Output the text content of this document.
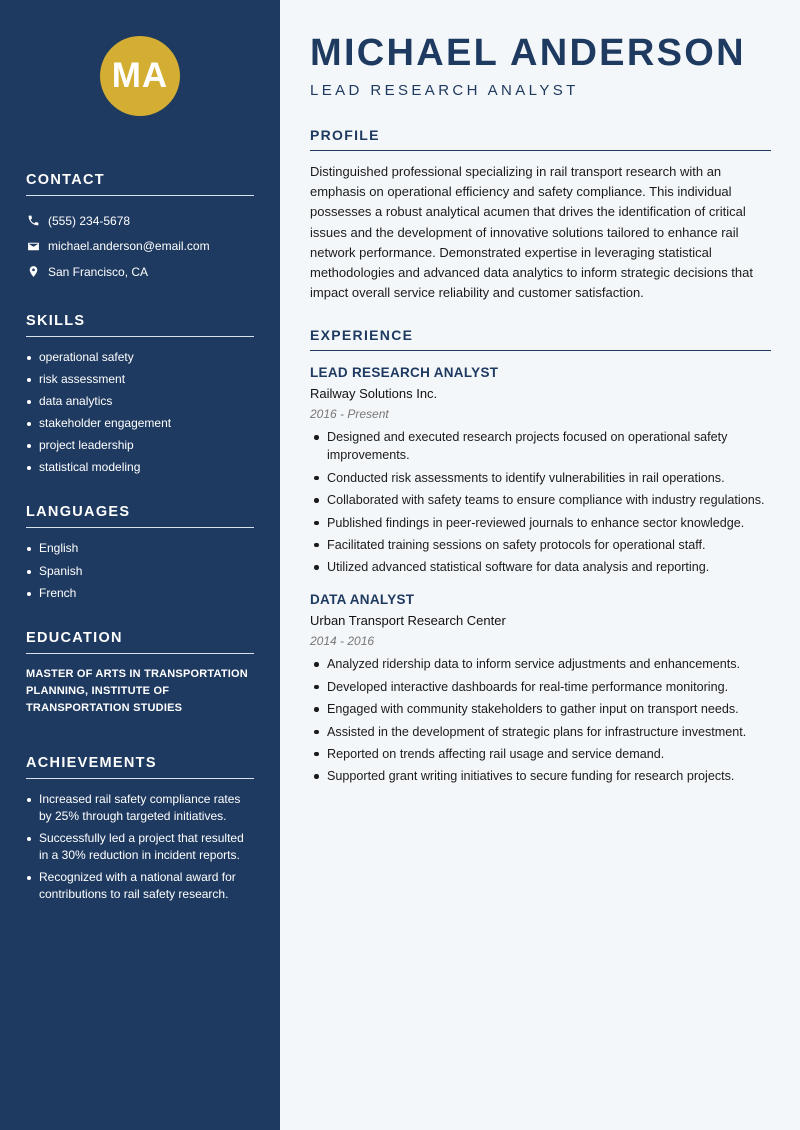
MA
CONTACT
(555) 234-5678
michael.anderson@email.com
San Francisco, CA
SKILLS
operational safety
risk assessment
data analytics
stakeholder engagement
project leadership
statistical modeling
LANGUAGES
English
Spanish
French
EDUCATION
MASTER OF ARTS IN TRANSPORTATION PLANNING, INSTITUTE OF TRANSPORTATION STUDIES
ACHIEVEMENTS
Increased rail safety compliance rates by 25% through targeted initiatives.
Successfully led a project that resulted in a 30% reduction in incident reports.
Recognized with a national award for contributions to rail safety research.
MICHAEL ANDERSON
LEAD RESEARCH ANALYST
PROFILE
Distinguished professional specializing in rail transport research with an emphasis on operational efficiency and safety compliance. This individual possesses a robust analytical acumen that drives the identification of critical issues and the development of innovative solutions tailored to enhance rail network performance. Demonstrated expertise in leveraging statistical methodologies and advanced data analytics to inform strategic decisions that impact overall service reliability and customer satisfaction.
EXPERIENCE
LEAD RESEARCH ANALYST
Railway Solutions Inc.
2016 - Present
Designed and executed research projects focused on operational safety improvements.
Conducted risk assessments to identify vulnerabilities in rail operations.
Collaborated with safety teams to ensure compliance with industry regulations.
Published findings in peer-reviewed journals to enhance sector knowledge.
Facilitated training sessions on safety protocols for operational staff.
Utilized advanced statistical software for data analysis and reporting.
DATA ANALYST
Urban Transport Research Center
2014 - 2016
Analyzed ridership data to inform service adjustments and enhancements.
Developed interactive dashboards for real-time performance monitoring.
Engaged with community stakeholders to gather input on transport needs.
Assisted in the development of strategic plans for infrastructure investment.
Reported on trends affecting rail usage and service demand.
Supported grant writing initiatives to secure funding for research projects.
